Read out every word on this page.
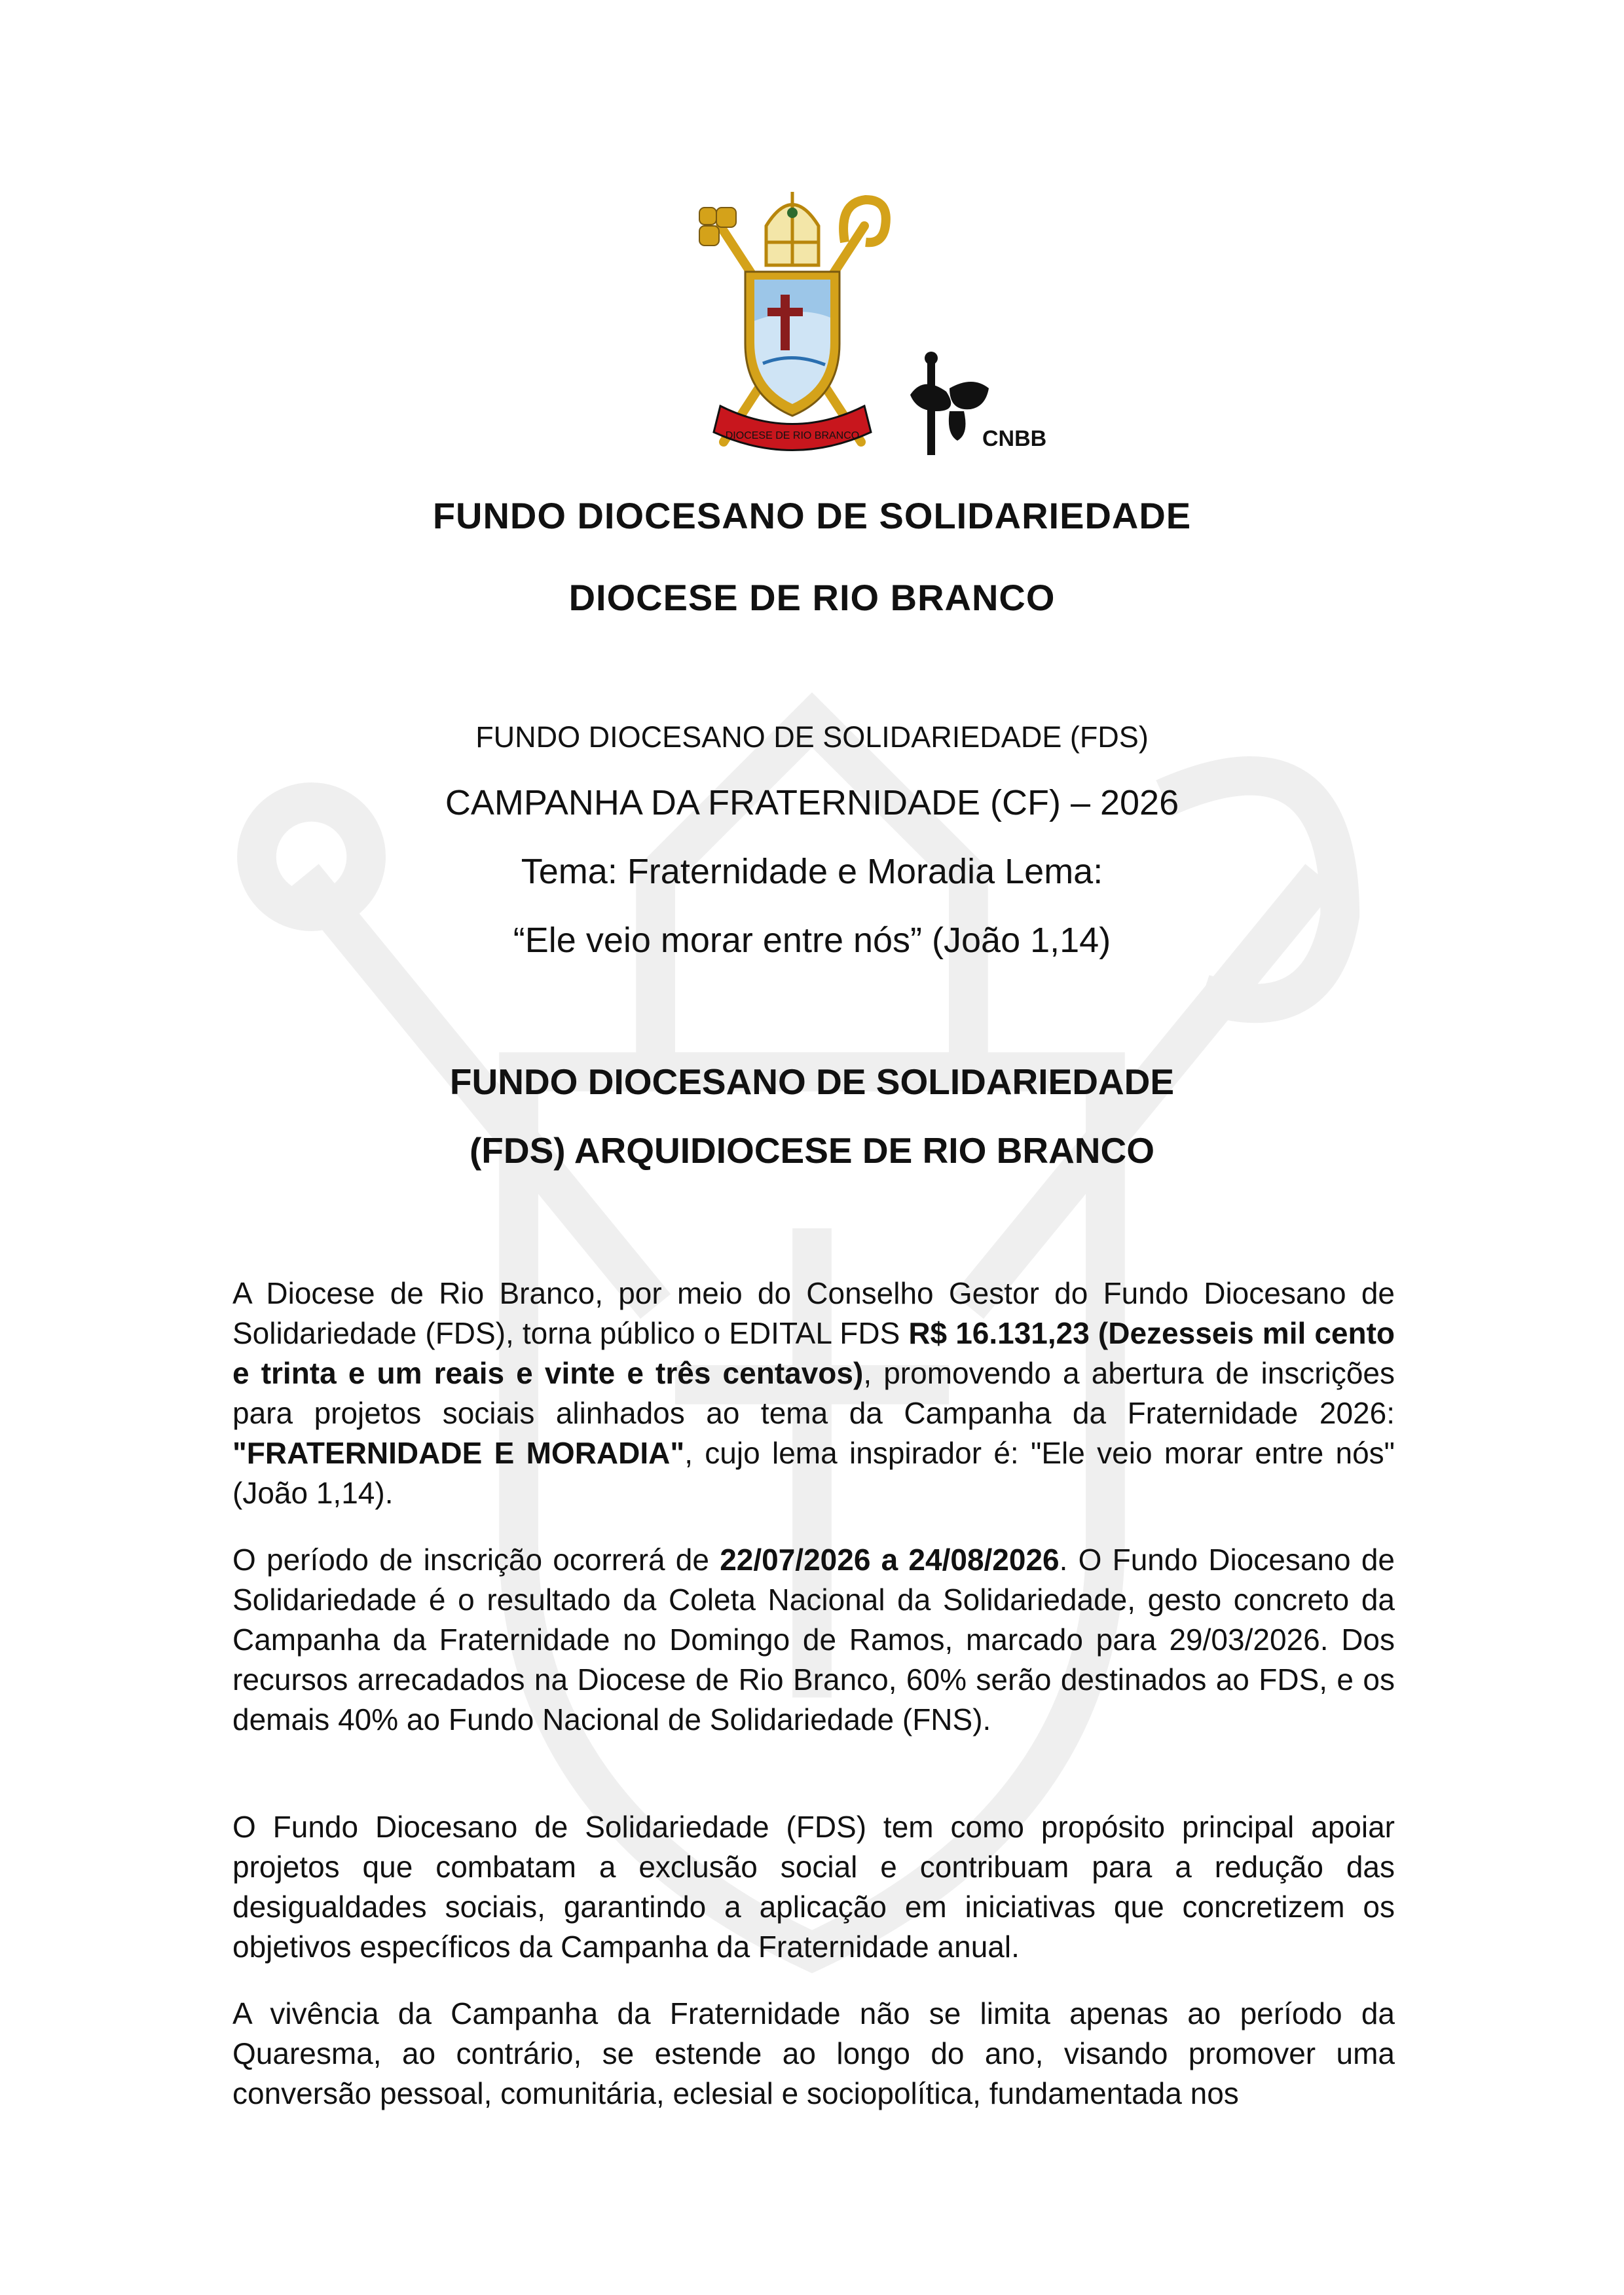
DIOCESE DE RIO BRANCO	CNBB
FUNDO DIOCESANO DE SOLIDARIEDADE
DIOCESE DE RIO BRANCO
FUNDO DIOCESANO DE SOLIDARIEDADE (FDS)
CAMPANHA DA FRATERNIDADE (CF) – 2026
Tema: Fraternidade e Moradia Lema:
“Ele veio morar entre nós” (João 1,14)
FUNDO DIOCESANO DE SOLIDARIEDADE
(FDS) ARQUIDIOCESE DE RIO BRANCO

A Diocese de Rio Branco, por meio do Conselho Gestor do Fundo Diocesano de Solidariedade (FDS), torna público o EDITAL FDS R$ 16.131,23 (Dezesseis mil cento e trinta e um reais e vinte e três centavos), promovendo a abertura de inscrições para projetos sociais alinhados ao tema da Campanha da Fraternidade 2026: "FRATERNIDADE E MORADIA", cujo lema inspirador é: "Ele veio morar entre nós" (João 1,14).

O período de inscrição ocorrerá de 22/07/2026 a 24/08/2026. O Fundo Diocesano de Solidariedade é o resultado da Coleta Nacional da Solidariedade, gesto concreto da Campanha da Fraternidade no Domingo de Ramos, marcado para 29/03/2026. Dos recursos arrecadados na Diocese de Rio Branco, 60% serão destinados ao FDS, e os demais 40% ao Fundo Nacional de Solidariedade (FNS).

O Fundo Diocesano de Solidariedade (FDS) tem como propósito principal apoiar projetos que combatam a exclusão social e contribuam para a redução das desigualdades sociais, garantindo a aplicação em iniciativas que concretizem os objetivos específicos da Campanha da Fraternidade anual.

A vivência da Campanha da Fraternidade não se limita apenas ao período da Quaresma, ao contrário, se estende ao longo do ano, visando promover uma conversão pessoal, comunitária, eclesial e sociopolítica, fundamentada nos
